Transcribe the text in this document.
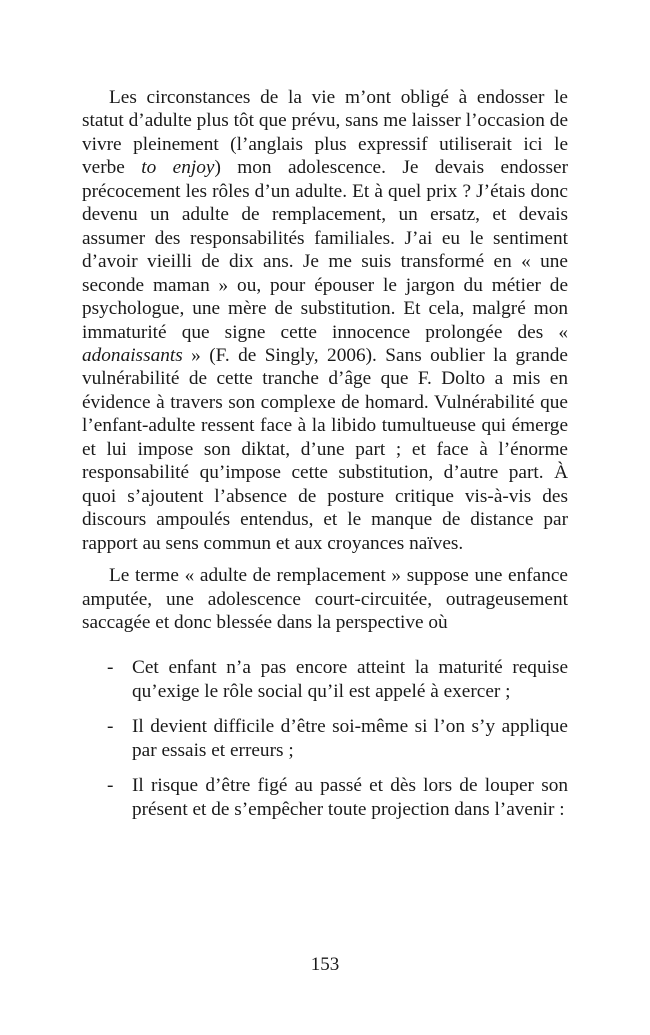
Les circonstances de la vie m’ont obligé à endosser le statut d’adulte plus tôt que prévu, sans me laisser l’occasion de vivre pleinement (l’anglais plus expressif utiliserait ici le verbe to enjoy) mon adolescence. Je devais endosser précocement les rôles d’un adulte. Et à quel prix ? J’étais donc devenu un adulte de remplacement, un ersatz, et devais assumer des responsabilités familiales. J’ai eu le sentiment d’avoir vieilli de dix ans. Je me suis transformé en « une seconde maman » ou, pour épouser le jargon du métier de psychologue, une mère de substitution. Et cela, malgré mon immaturité que signe cette innocence prolongée des « adonaissants » (F. de Singly, 2006). Sans oublier la grande vulnérabilité de cette tranche d’âge que F. Dolto a mis en évidence à travers son complexe de homard. Vulnérabilité que l’enfant-adulte ressent face à la libido tumultueuse qui émerge et lui impose son diktat, d’une part ; et face à l’énorme responsabilité qu’impose cette substitution, d’autre part. À quoi s’ajoutent l’absence de posture critique vis-à-vis des discours ampoulés entendus, et le manque de distance par rapport au sens commun et aux croyances naïves.

Le terme « adulte de remplacement » suppose une enfance amputée, une adolescence court-circuitée, outrageusement saccagée et donc blessée dans la perspective où

- Cet enfant n’a pas encore atteint la maturité requise qu’exige le rôle social qu’il est appelé à exercer ;
- Il devient difficile d’être soi-même si l’on s’y applique par essais et erreurs ;
- Il risque d’être figé au passé et dès lors de louper son présent et de s’empêcher toute projection dans l’avenir :
153
